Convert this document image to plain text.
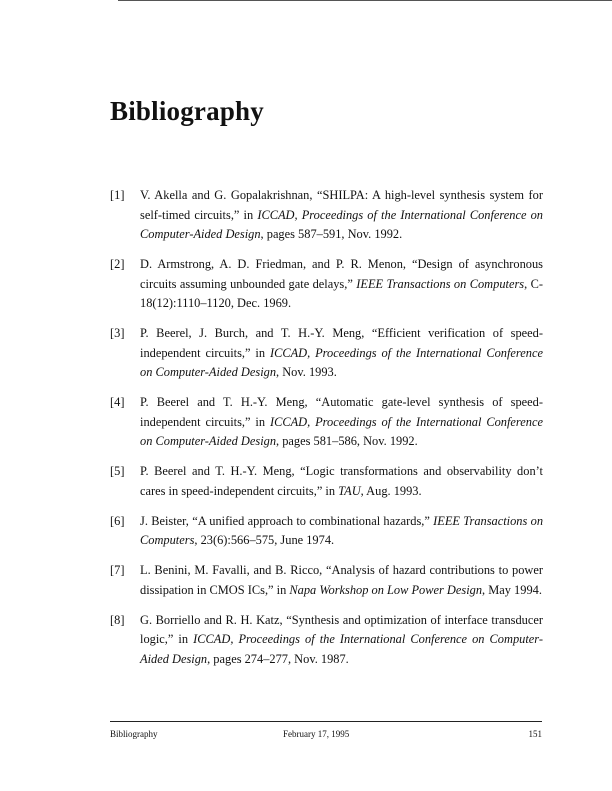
Bibliography
[1] V. Akella and G. Gopalakrishnan, “SHILPA: A high-level synthesis system for self-timed circuits,” in ICCAD, Proceedings of the International Conference on Computer-Aided Design, pages 587–591, Nov. 1992.
[2] D. Armstrong, A. D. Friedman, and P. R. Menon, “Design of asynchronous circuits assuming unbounded gate delays,” IEEE Transactions on Computers, C-18(12):1110–1120, Dec. 1969.
[3] P. Beerel, J. Burch, and T. H.-Y. Meng, “Efficient verification of speed-independent circuits,” in ICCAD, Proceedings of the International Conference on Computer-Aided Design, Nov. 1993.
[4] P. Beerel and T. H.-Y. Meng, “Automatic gate-level synthesis of speed-independent circuits,” in ICCAD, Proceedings of the International Conference on Computer-Aided Design, pages 581–586, Nov. 1992.
[5] P. Beerel and T. H.-Y. Meng, “Logic transformations and observability don’t cares in speed-independent circuits,” in TAU, Aug. 1993.
[6] J. Beister, “A unified approach to combinational hazards,” IEEE Transactions on Computers, 23(6):566–575, June 1974.
[7] L. Benini, M. Favalli, and B. Ricco, “Analysis of hazard contributions to power dissipation in CMOS ICs,” in Napa Workshop on Low Power Design, May 1994.
[8] G. Borriello and R. H. Katz, “Synthesis and optimization of interface transducer logic,” in ICCAD, Proceedings of the International Conference on Computer-Aided Design, pages 274–277, Nov. 1987.
Bibliography	February 17, 1995	151
